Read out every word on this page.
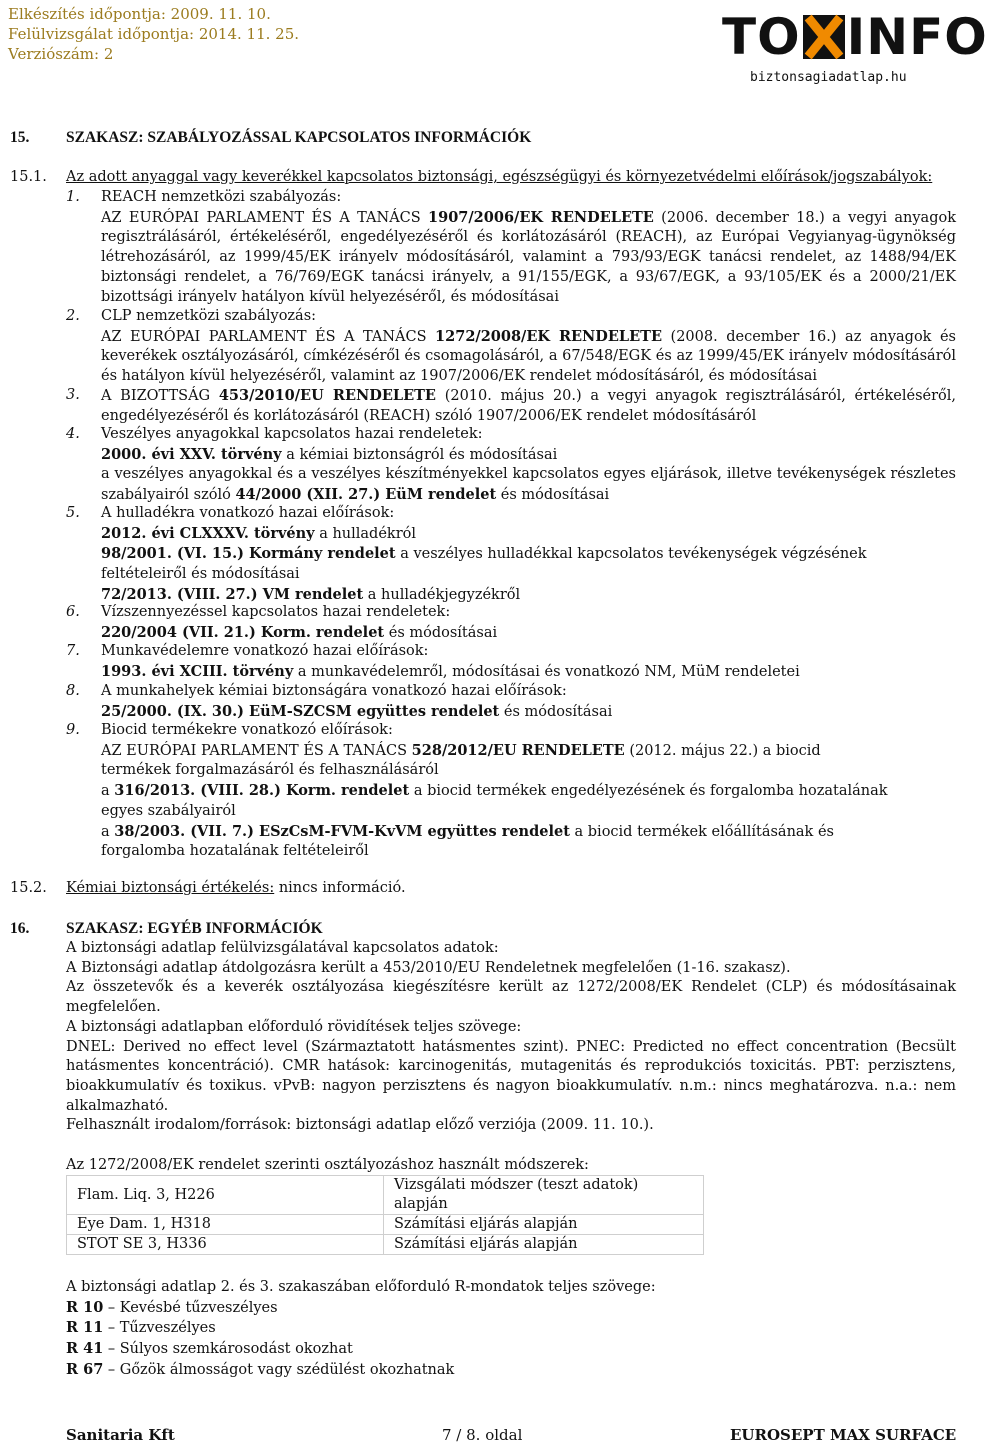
Elkészítés időpontja: 2009. 11. 10.
Felülvizsgálat időpontja: 2014. 11. 25.
Verziószám: 2	TO INFO
biztonsagiadatlap.hu
15. SZAKASZ: SZABÁLYOZÁSSAL KAPCSOLATOS INFORMÁCIÓK
15.1. Az adott anyaggal vagy keverékkel kapcsolatos biztonsági, egészségügyi és környezetvédelmi előírások/jogszabályok:
1. REACH nemzetközi szabályozás:
AZ EURÓPAI PARLAMENT ÉS A TANÁCS 1907/2006/EK RENDELETE (2006. december 18.) a vegyi anyagok regisztrálásáról, értékeléséről, engedélyezéséről és korlátozásáról (REACH), az Európai Vegyianyag-ügynökség létrehozásáról, az 1999/45/EK irányelv módosításáról, valamint a 793/93/EGK tanácsi rendelet, az 1488/94/EK biztonsági rendelet, a 76/769/EGK tanácsi irányelv, a 91/155/EGK, a 93/67/EGK, a 93/105/EK és a 2000/21/EK bizottsági irányelv hatályon kívül helyezéséről, és módosításai
2. CLP nemzetközi szabályozás:
AZ EURÓPAI PARLAMENT ÉS A TANÁCS 1272/2008/EK RENDELETE (2008. december 16.) az anyagok és keverékek osztályozásáról, címkézéséről és csomagolásáról, a 67/548/EGK és az 1999/45/EK irányelv módosításáról és hatályon kívül helyezéséről, valamint az 1907/2006/EK rendelet módosításáról, és módosításai
3. A BIZOTTSÁG 453/2010/EU RENDELETE (2010. május 20.) a vegyi anyagok regisztrálásáról, értékeléséről, engedélyezéséről és korlátozásáról (REACH) szóló 1907/2006/EK rendelet módosításáról
4. Veszélyes anyagokkal kapcsolatos hazai rendeletek:
2000. évi XXV. törvény a kémiai biztonságról és módosításai
a veszélyes anyagokkal és a veszélyes készítményekkel kapcsolatos egyes eljárások, illetve tevékenységek részletes szabályairól szóló 44/2000 (XII. 27.) EüM rendelet és módosításai
5. A hulladékra vonatkozó hazai előírások:
2012. évi CLXXXV. törvény a hulladékról
98/2001. (VI. 15.) Kormány rendelet a veszélyes hulladékkal kapcsolatos tevékenységek végzésének feltételeiről és módosításai
72/2013. (VIII. 27.) VM rendelet a hulladékjegyzékről
6. Vízszennyezéssel kapcsolatos hazai rendeletek:
220/2004 (VII. 21.) Korm. rendelet és módosításai
7. Munkavédelemre vonatkozó hazai előírások:
1993. évi XCIII. törvény a munkavédelemről, módosításai és vonatkozó NM, MüM rendeletei
8. A munkahelyek kémiai biztonságára vonatkozó hazai előírások:
25/2000. (IX. 30.) EüM-SZCSM együttes rendelet és módosításai
9. Biocid termékekre vonatkozó előírások:
AZ EURÓPAI PARLAMENT ÉS A TANÁCS 528/2012/EU RENDELETE (2012. május 22.) a biocid termékek forgalmazásáról és felhasználásáról
a 316/2013. (VIII. 28.) Korm. rendelet a biocid termékek engedélyezésének és forgalomba hozatalának egyes szabályairól
a 38/2003. (VII. 7.) ESzCsM-FVM-KvVM együttes rendelet a biocid termékek előállításának és forgalomba hozatalának feltételeiről
15.2. Kémiai biztonsági értékelés: nincs információ.
16. SZAKASZ: EGYÉB INFORMÁCIÓK
A biztonsági adatlap felülvizsgálatával kapcsolatos adatok:
A Biztonsági adatlap átdolgozásra került a 453/2010/EU Rendeletnek megfelelően (1-16. szakasz).
Az összetevők és a keverék osztályozása kiegészítésre került az 1272/2008/EK Rendelet (CLP) és módosításainak megfelelően.
A biztonsági adatlapban előforduló rövidítések teljes szövege:
DNEL: Derived no effect level (Származtatott hatásmentes szint). PNEC: Predicted no effect concentration (Becsült hatásmentes koncentráció). CMR hatások: karcinogenitás, mutagenitás és reprodukciós toxicitás. PBT: perzisztens, bioakkumulatív és toxikus. vPvB: nagyon perzisztens és nagyon bioakkumulatív. n.m.: nincs meghatározva. n.a.: nem alkalmazható.
Felhasznált irodalom/források: biztonsági adatlap előző verziója (2009. 11. 10.).
Az 1272/2008/EK rendelet szerinti osztályozáshoz használt módszerek:
Flam. Liq. 3, H226	Vizsgálati módszer (teszt adatok) alapján
Eye Dam. 1, H318	Számítási eljárás alapján
STOT SE 3, H336	Számítási eljárás alapján
A biztonsági adatlap 2. és 3. szakaszában előforduló R-mondatok teljes szövege:
R 10 – Kevésbé tűzveszélyes
R 11 – Tűzveszélyes
R 41 – Súlyos szemkárosodást okozhat
R 67 – Gőzök álmosságot vagy szédülést okozhatnak
Sanitaria Kft	7 / 8. oldal	EUROSEPT MAX SURFACE
